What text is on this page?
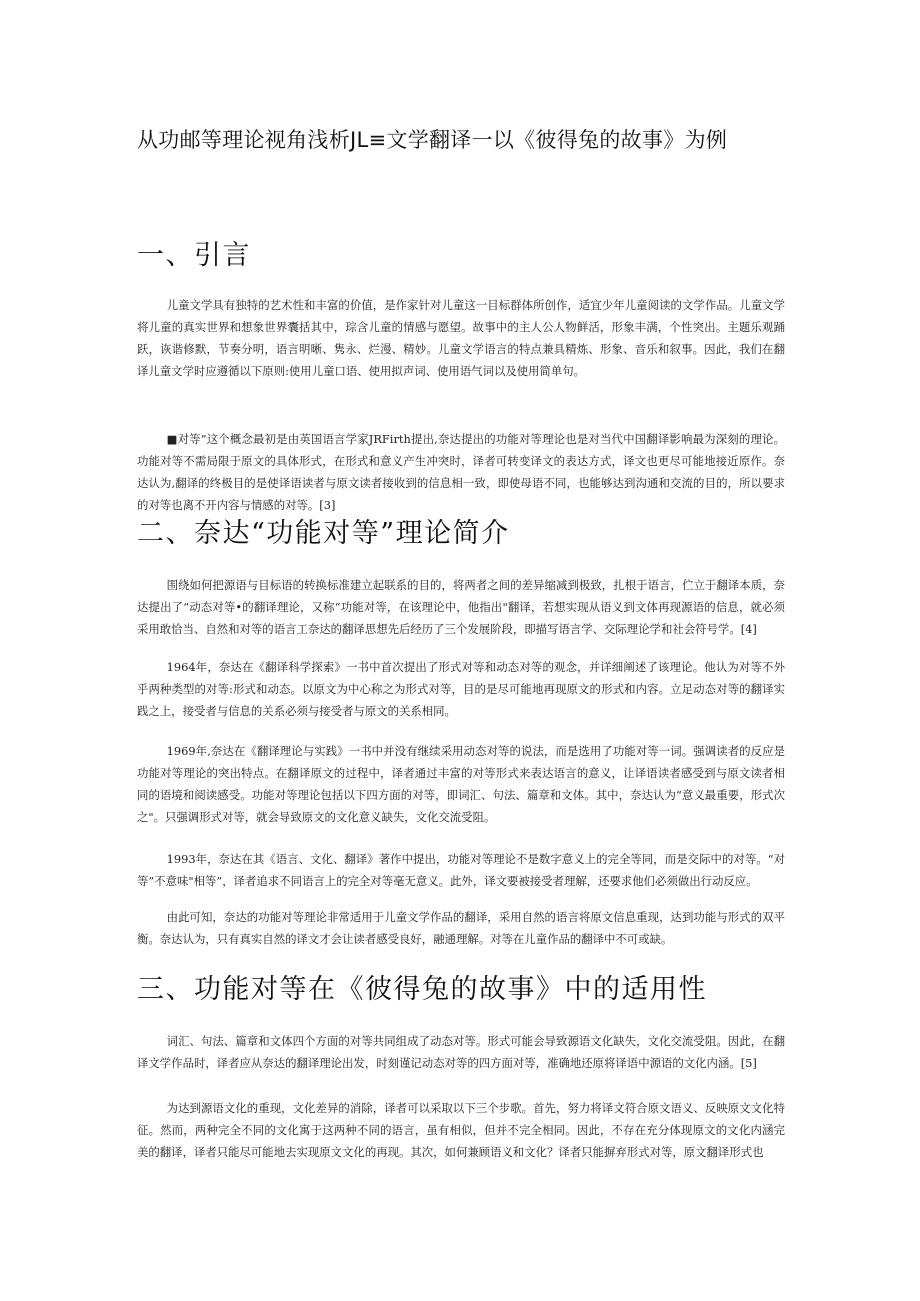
从功邮等理论视角浅析JL≡文学翻译一以《彼得兔的故事》为例
一、引言

儿童文学具有独特的艺术性和丰富的价值，是作家针对儿童这一目标群体所创作，适宜少年儿童阅读的文学作品。儿童文学将儿童的真实世界和想象世界囊括其中，琮含儿童的情感与愿望。故事中的主人公人物鲜活，形象丰满，个性突出。主题乐观踊跃，诙谐修默，节奏分明，语言明晰、隽永、烂漫、精妙。儿童文学语言的特点兼具精炼、形象、音乐和叙事。因此，我们在翻译儿童文学时应遵循以下原则:使用儿童口语、使用拟声词、使用语气词以及使用简单句。

■对等”这个概念最初是由英国语言学家JRFirth提出,奈达提出的功能对等理论也是对当代中国翻译影响最为深刻的理论。功能对等不需局限于原文的具体形式，在形式和意义产生冲突时，译者可转变译文的表达方式，译文也更尽可能地接近原作。奈达认为,翻译的终极目的是使译语读者与原文读者接收到的信息相一致，即使母语不同，也能够达到沟通和交流的目的，所以要求的对等也离不开内容与情感的对等。[3]

二、奈达“功能对等”理论简介

围绕如何把源语与目标语的转换标准建立起联系的目的，将两者之间的差异缩减到极致，扎根于语言，伫立于翻译本质，奈达提出了“动态对等•的翻译理论，又称“功能对等，在该理论中，他指出"翻译，若想实现从语义到文体再现源语的信息，就必须采用敢恰当、自然和对等的语言工奈达的翻译思想先后经历了三个发展阶段，即描写语言学、交际理论学和社会符号学。[4]

1964年，奈达在《翻译科学探索》一书中首次提出了形式对等和动态对等的观念，并详细阐述了该理论。他认为对等不外乎两种类型的对等:形式和动态。以原文为中心称之为形式对等，目的是尽可能地再现原文的形式和内容。立足动态对等的翻译实践之上，接受者与信息的关系必须与接受者与原文的关系相同。

1969年,奈达在《翻译理论与实践》一书中并没有继续采用动态对等的说法，而是选用了功能对等一词。强调读者的反应是功能对等理论的突出特点。在翻译原文的过程中，译者通过丰富的对等形式来表达语言的意义，让译语读者感受到与原文读者相同的语境和阅读感受。功能对等理论包括以下四方面的对等，即词汇、句法、篇章和文体。其中，奈达认为“意义最重要，形式次之"。只强调形式对等，就会导致原文的文化意义缺失，文化交流受阻。

1993年，奈达在其《语言、文化、翻译》著作中提出，功能对等理论不是数字意义上的完全等同，而是交际中的对等。“对等”不意味"相等”，译者追求不同语言上的完全对等毫无意义。此外，译文要被接受者理解，还要求他们必须做出行动反应。

由此可知，奈达的功能对等理论非常适用于儿童文学作品的翻译，采用自然的语言将原文信息重现，达到功能与形式的双平衡。奈达认为，只有真实自然的译文才会让读者感受良好，融通理解。对等在儿童作品的翻译中不可或缺。

三、功能对等在《彼得兔的故事》中的适用性

词汇、句法、篇章和文体四个方面的对等共同组成了动态对等。形式可能会导致源语文化缺失，文化交流受阻。因此，在翻译文学作品时，译者应从奈达的翻译理论出发，时刻谨记动态对等的四方面对等，准确地还原将译语中源语的文化内涵。[5]

为达到源语文化的重现，文化差异的消除，译者可以采取以下三个步歌。首先，努力将译文符合原文语义、反映原文文化特征。然而，两种完全不同的文化寓于这两种不同的语言，虽有相似，但并不完全相同。因此，不存在充分体现原文的文化内涵完美的翻译，译者只能尽可能地去实现原文文化的再现。其次，如何兼顾语义和文化？译者只能摒弃形式对等，原文翻译形式也
